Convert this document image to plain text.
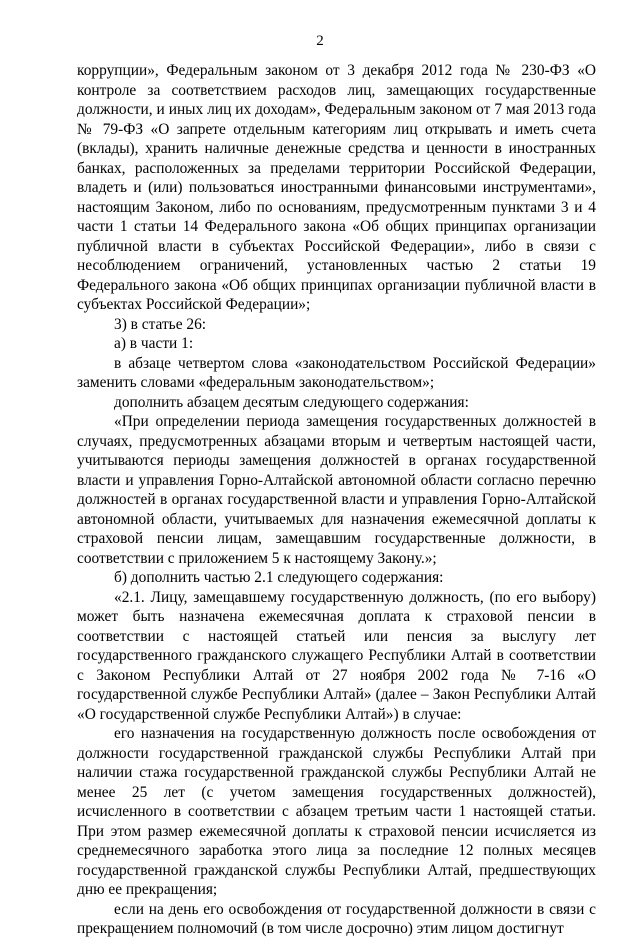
2

коррупции», Федеральным законом от 3 декабря 2012 года № 230-ФЗ «О контроле за соответствием расходов лиц, замещающих государственные должности, и иных лиц их доходам», Федеральным законом от 7 мая 2013 года № 79-ФЗ «О запрете отдельным категориям лиц открывать и иметь счета (вклады), хранить наличные денежные средства и ценности в иностранных банках, расположенных за пределами территории Российской Федерации, владеть и (или) пользоваться иностранными финансовыми инструментами», настоящим Законом, либо по основаниям, предусмотренным пунктами 3 и 4 части 1 статьи 14 Федерального закона «Об общих принципах организации публичной власти в субъектах Российской Федерации», либо в связи с несоблюдением ограничений, установленных частью 2 статьи 19 Федерального закона «Об общих принципах организации публичной власти в субъектах Российской Федерации»;

3) в статье 26:

а) в части 1:

в абзаце четвертом слова «законодательством Российской Федерации» заменить словами «федеральным законодательством»;

дополнить абзацем десятым следующего содержания:

«При определении периода замещения государственных должностей в случаях, предусмотренных абзацами вторым и четвертым настоящей части, учитываются периоды замещения должностей в органах государственной власти и управления Горно-Алтайской автономной области согласно перечню должностей в органах государственной власти и управления Горно-Алтайской автономной области, учитываемых для назначения ежемесячной доплаты к страховой пенсии лицам, замещавшим государственные должности, в соответствии с приложением 5 к настоящему Закону.»;

б) дополнить частью 2.1 следующего содержания:

«2.1. Лицу, замещавшему государственную должность, (по его выбору) может быть назначена ежемесячная доплата к страховой пенсии в соответствии с настоящей статьей или пенсия за выслугу лет государственного гражданского служащего Республики Алтай в соответствии с Законом Республики Алтай от 27 ноября 2002 года № 7-16 «О государственной службе Республики Алтай» (далее – Закон Республики Алтай «О государственной службе Республики Алтай») в случае:

его назначения на государственную должность после освобождения от должности государственной гражданской службы Республики Алтай при наличии стажа государственной гражданской службы Республики Алтай не менее 25 лет (с учетом замещения государственных должностей), исчисленного в соответствии с абзацем третьим части 1 настоящей статьи. При этом размер ежемесячной доплаты к страховой пенсии исчисляется из среднемесячного заработка этого лица за последние 12 полных месяцев государственной гражданской службы Республики Алтай, предшествующих дню ее прекращения;

если на день его освобождения от государственной должности в связи с прекращением полномочий (в том числе досрочно) этим лицом достигнут
